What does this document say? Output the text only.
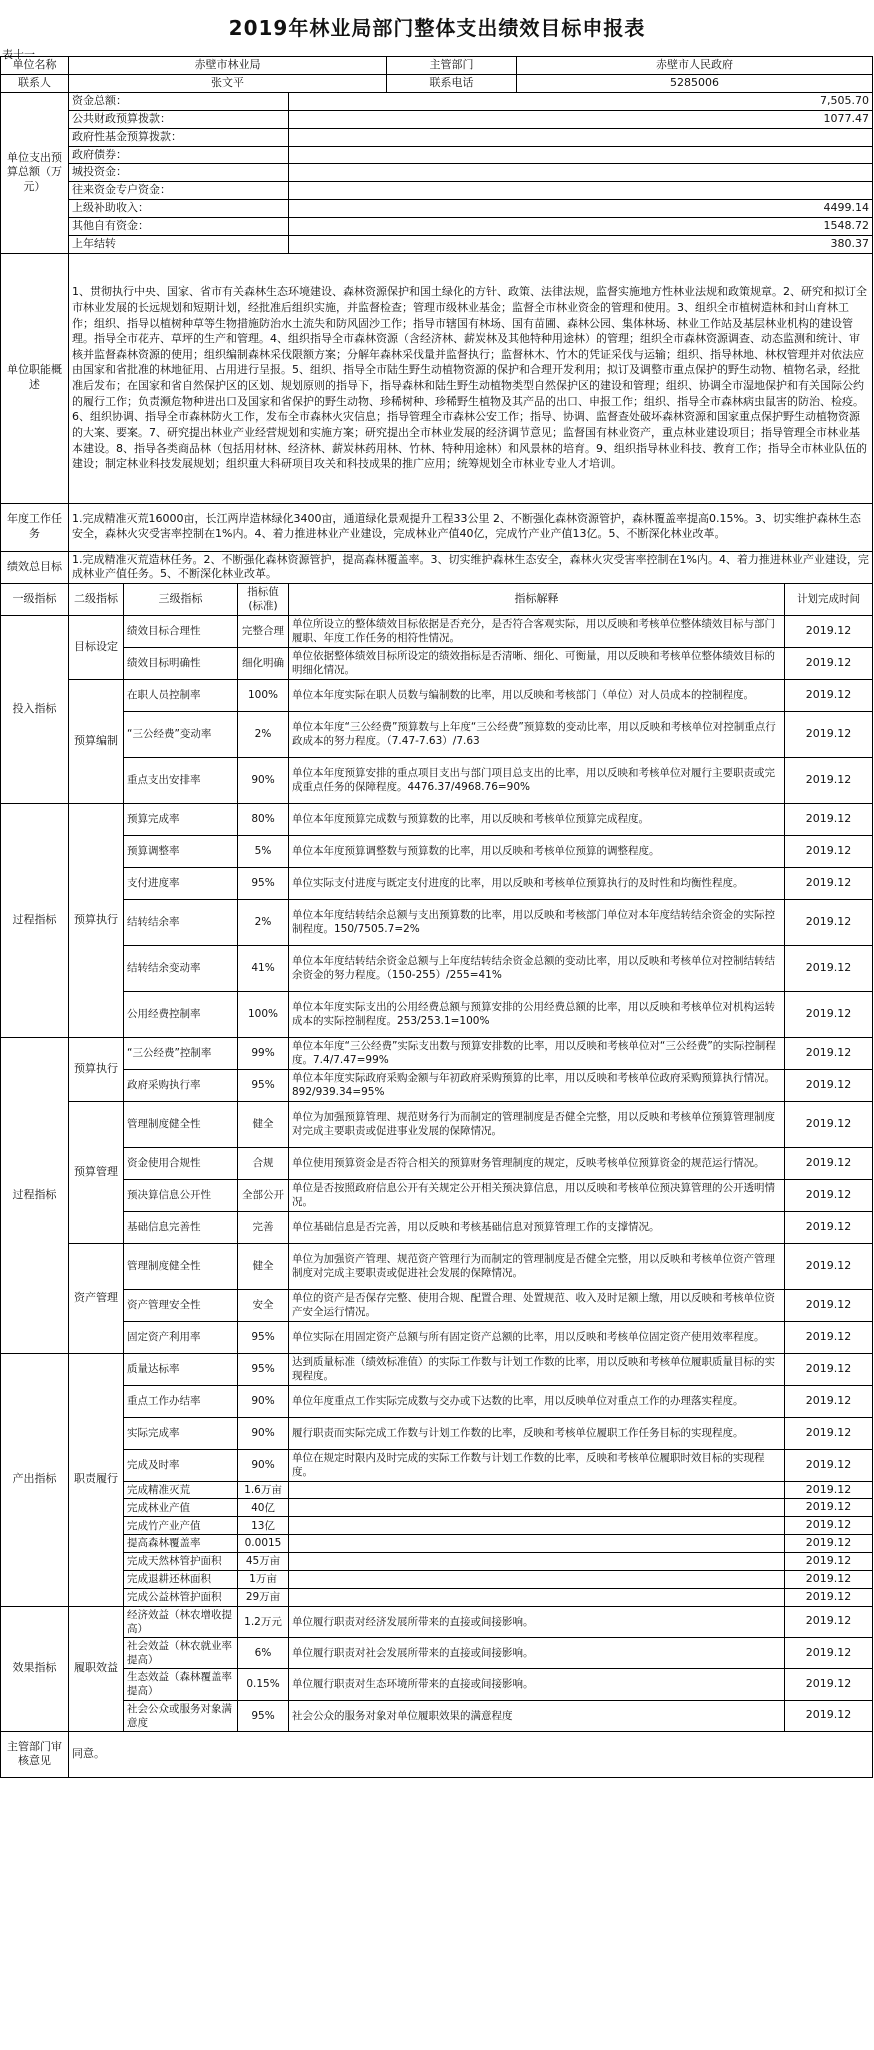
2019年林业局部门整体支出绩效目标申报表
表十一
单位名称	赤壁市林业局				主管部门	赤壁市人民政府	
联系人	张文平				联系电话	5285006	
单位支出预算总额（万元）	资金总额：			7,505.70			
	公共财政预算拨款：			1077.47			
	政府性基金预算拨款：						
	政府债券：						
	城投资金：						
	往来资金专户资金：						
	上级补助收入：			4499.14			
	其他自有资金：			1548.72			
	上年结转			380.37			
单位职能概述	1、贯彻执行中央、国家、省市有关森林生态环境建设、森林资源保护和国土绿化的方针、政策、法律法规，监督实施地方性林业法规和政策规章。2、研究和拟订全市林业发展的长远规划和短期计划，经批准后组织实施，并监督检查；管理市级林业基金；监督全市林业资金的管理和使用。3、组织全市植树造林和封山育林工作；组织、指导以植树种草等生物措施防治水土流失和防风固沙工作；指导市辖国有林场、国有苗圃、森林公园、集体林场、林业工作站及基层林业机构的建设管理。指导全市花卉、草坪的生产和管理。4、组织指导全市森林资源（含经济林、薪炭林及其他特种用途林）的管理；组织全市森林资源调查、动态监测和统计、审核并监督森林资源的使用；组织编制森林采伐限额方案；分解年森林采伐量并监督执行；监督林木、竹木的凭证采伐与运输；组织、指导林地、林权管理并对依法应由国家和省批准的林地征用、占用进行呈报。5、组织、指导全市陆生野生动植物资源的保护和合理开发利用；拟订及调整市重点保护的野生动物、植物名录，经批准后发布；在国家和省自然保护区的区划、规划原则的指导下，指导森林和陆生野生动植物类型自然保护区的建设和管理；组织、协调全市湿地保护和有关国际公约的履行工作；负责濒危物种进出口及国家和省保护的野生动物、珍稀树种、珍稀野生植物及其产品的出口、申报工作；组织、指导全市森林病虫鼠害的防治、检疫。6、组织协调、指导全市森林防火工作，发布全市森林火灾信息；指导管理全市森林公安工作；指导、协调、监督查处破坏森林资源和国家重点保护野生动植物资源的大案、要案。7、研究提出林业产业经营规划和实施方案；研究提出全市林业发展的经济调节意见；监督国有林业资产，重点林业建设项目；指导管理全市林业基本建设。8、指导各类商品林（包括用材林、经济林、薪炭林药用林、竹林、特种用途林）和风景林的培育。9、组织指导林业科技、教育工作；指导全市林业队伍的建设；制定林业科技发展规划；组织重大科研项目攻关和科技成果的推广应用；统筹规划全市林业专业人才培训。						
年度工作任务	1.完成精准灭荒16000亩，长江两岸造林绿化3400亩，通道绿化景观提升工程33公里 2、不断强化森林资源管护，森林覆盖率提高0.15%。3、切实维护森林生态安全，森林火灾受害率控制在1%内。4、着力推进林业产业建设，完成林业产值40亿，完成竹产业产值13亿。5、不断深化林业改革。						
绩效总目标	1.完成精准灭荒造林任务。2、不断强化森林资源管护，提高森林覆盖率。3、切实维护森林生态安全，森林火灾受害率控制在1%内。4、着力推进林业产业建设，完成林业产值任务。5、不断深化林业改革。						
一级指标	二级指标	三级指标	指标值(标准)	指标解释			计划完成时间
投入指标	目标设定	绩效目标合理性	完整合理	单位所设立的整体绩效目标依据是否充分，是否符合客观实际，用以反映和考核单位整体绩效目标与部门履职、年度工作任务的相符性情况。			2019.12
		绩效目标明确性	细化明确	单位依据整体绩效目标所设定的绩效指标是否清晰、细化、可衡量，用以反映和考核单位整体绩效目标的明细化情况。			2019.12
	预算编制	在职人员控制率	100%	单位本年度实际在职人员数与编制数的比率，用以反映和考核部门（单位）对人员成本的控制程度。			2019.12
		“三公经费”变动率	2%	单位本年度“三公经费”预算数与上年度“三公经费”预算数的变动比率，用以反映和考核单位对控制重点行政成本的努力程度。（7.47-7.63）/7.63			2019.12
		重点支出安排率	90%	单位本年度预算安排的重点项目支出与部门项目总支出的比率，用以反映和考核单位对履行主要职责或完成重点任务的保障程度。4476.37/4968.76=90%			2019.12
过程指标	预算执行	预算完成率	80%	单位本年度预算完成数与预算数的比率，用以反映和考核单位预算完成程度。			2019.12
		预算调整率	5%	单位本年度预算调整数与预算数的比率，用以反映和考核单位预算的调整程度。			2019.12
		支付进度率	95%	单位实际支付进度与既定支付进度的比率，用以反映和考核单位预算执行的及时性和均衡性程度。			2019.12
		结转结余率	2%	单位本年度结转结余总额与支出预算数的比率，用以反映和考核部门单位对本年度结转结余资金的实际控制程度。150/7505.7=2%			2019.12
		结转结余变动率	41%	单位本年度结转结余资金总额与上年度结转结余资金总额的变动比率，用以反映和考核单位对控制结转结余资金的努力程度。（150-255）/255=41%			2019.12
		公用经费控制率	100%	单位本年度实际支出的公用经费总额与预算安排的公用经费总额的比率，用以反映和考核单位对机构运转成本的实际控制程度。253/253.1=100%			2019.12
过程指标	预算执行	“三公经费”控制率	99%	单位本年度“三公经费”实际支出数与预算安排数的比率，用以反映和考核单位对“三公经费”的实际控制程度。7.4/7.47=99%			2019.12
		政府采购执行率	95%	单位本年度实际政府采购金额与年初政府采购预算的比率，用以反映和考核单位政府采购预算执行情况。892/939.34=95%			2019.12
	预算管理	管理制度健全性	健全	单位为加强预算管理、规范财务行为而制定的管理制度是否健全完整，用以反映和考核单位预算管理制度对完成主要职责或促进事业发展的保障情况。			2019.12
		资金使用合规性	合规	单位使用预算资金是否符合相关的预算财务管理制度的规定，反映考核单位预算资金的规范运行情况。			2019.12
		预决算信息公开性	全部公开	单位是否按照政府信息公开有关规定公开相关预决算信息，用以反映和考核单位预决算管理的公开透明情况。			2019.12
		基础信息完善性	完善	单位基础信息是否完善，用以反映和考核基础信息对预算管理工作的支撑情况。			2019.12
	资产管理	管理制度健全性	健全	单位为加强资产管理、规范资产管理行为而制定的管理制度是否健全完整，用以反映和考核单位资产管理制度对完成主要职责或促进社会发展的保障情况。			2019.12
		资产管理安全性	安全	单位的资产是否保存完整、使用合规、配置合理、处置规范、收入及时足额上缴，用以反映和考核单位资产安全运行情况。			2019.12
		固定资产利用率	95%	单位实际在用固定资产总额与所有固定资产总额的比率，用以反映和考核单位固定资产使用效率程度。			2019.12
产出指标	职责履行	质量达标率	95%	达到质量标准（绩效标准值）的实际工作数与计划工作数的比率，用以反映和考核单位履职质量目标的实现程度。			2019.12
		重点工作办结率	90%	单位年度重点工作实际完成数与交办或下达数的比率，用以反映单位对重点工作的办理落实程度。			2019.12
		实际完成率	90%	履行职责而实际完成工作数与计划工作数的比率，反映和考核单位履职工作任务目标的实现程度。			2019.12
		完成及时率	90%	单位在规定时限内及时完成的实际工作数与计划工作数的比率，反映和考核单位履职时效目标的实现程度。			2019.12
		完成精准灭荒	1.6万亩				2019.12
		完成林业产值	40亿				2019.12
		完成竹产业产值	13亿				2019.12
		提高森林覆盖率	0.0015				2019.12
		完成天然林管护面积	45万亩				2019.12
		完成退耕还林面积	1万亩				2019.12
		完成公益林管护面积	29万亩				2019.12
效果指标	履职效益	经济效益（林农增收提高）	1.2万元	单位履行职责对经济发展所带来的直接或间接影响。			2019.12
		社会效益（林农就业率提高）	6%	单位履行职责对社会发展所带来的直接或间接影响。			2019.12
		生态效益（森林覆盖率提高）	0.15%	单位履行职责对生态环境所带来的直接或间接影响。			2019.12
		社会公众或服务对象满意度	95%	社会公众的服务对象对单位履职效果的满意程度			2019.12
主管部门审核意见	同意。						
